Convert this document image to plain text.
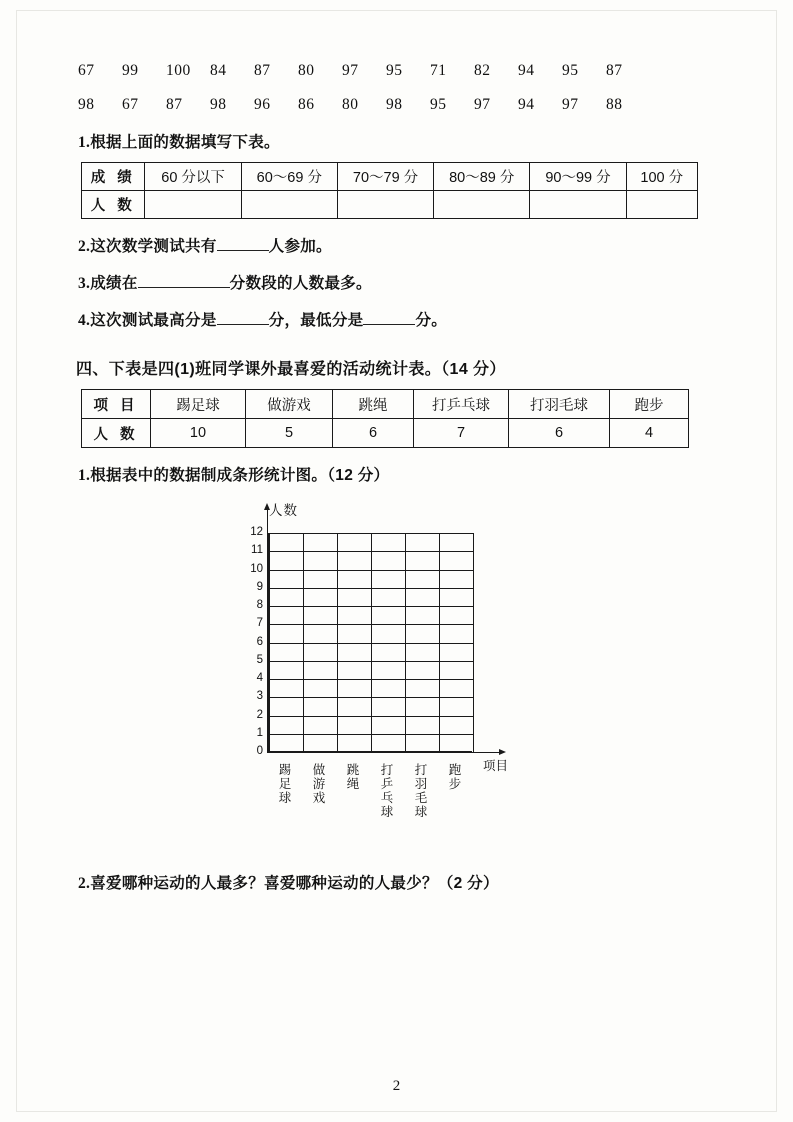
67 99 100 84 87 80 97 95 71 82 94 95 87
98 67 87 98 96 86 80 98 95 97 94 97 88
1.根据上面的数据填写下表。
成 绩	60 分以下	60～69 分	70～79 分	80～89 分	90～99 分	100 分
人 数						
2.这次数学测试共有	人参加。
3.成绩在	分数段的人数最多。
4.这次测试最高分是	分，最低分是	分。
四、下表是四(1)班同学课外最喜爱的活动统计表。（14 分）
项 目	踢足球	做游戏	跳绳	打乒乓球	打羽毛球	跑步
人 数	10	5	6	7	6	4
1.根据表中的数据制成条形统计图。（12 分）
人数
0
1
2
3
4
5
6
7
8
9
10
11
12
踢
足
球
做
游
戏
跳
绳
打
乒
乓
球
打
羽
毛
球
跑
步
项目
2.喜爱哪种运动的人最多？喜爱哪种运动的人最少？（2 分）
2
